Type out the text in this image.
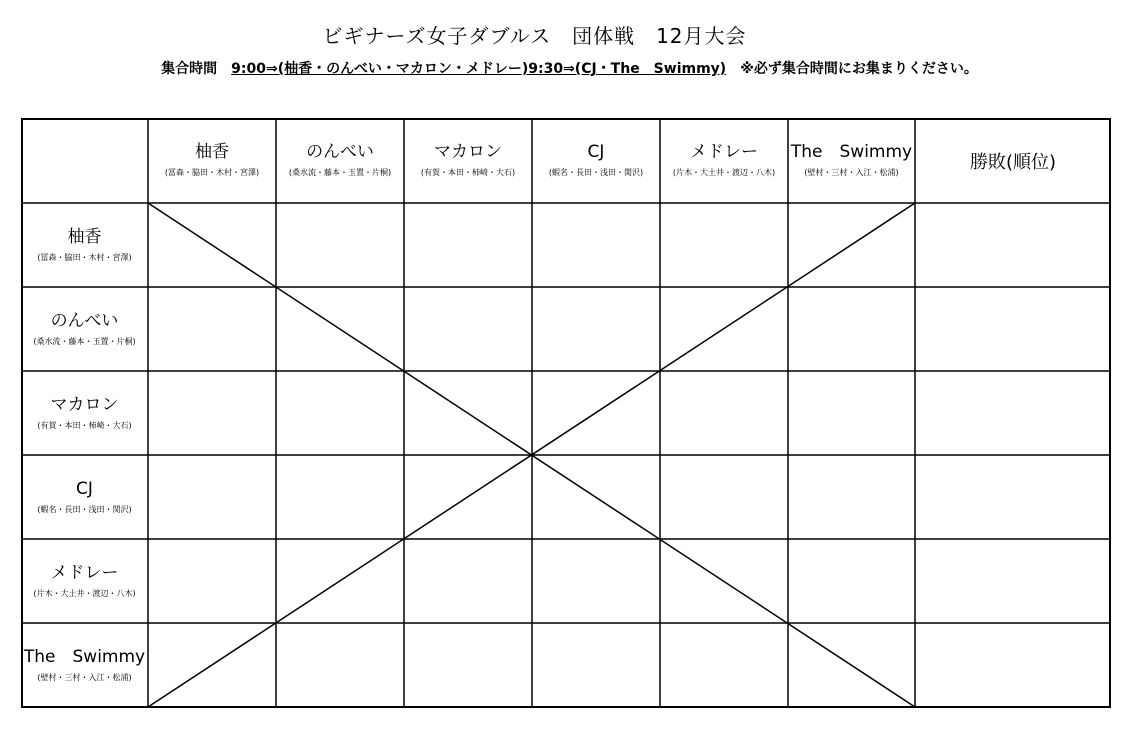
ビギナーズ女子ダブルス　団体戦　12月大会
集合時間 9:00⇒(柚香・のんべい・マカロン・メドレー)9:30⇒(CJ・The　Swimmy) ※必ず集合時間にお集まりください。
柚香
(冨森・脇田・木村・宮澤)
のんべい
(桑水流・藤本・玉置・片桐)
マカロン
(有賀・本田・柿崎・大石)
CJ
(蝦名・長田・浅田・関沢)
メドレー
(片木・大土井・渡辺・八木)
The　Swimmy
(壁村・三村・入江・松浦)	勝敗(順位)
柚香
(冨森・脇田・木村・宮澤)
のんべい
(桑水流・藤本・玉置・片桐)
マカロン
(有賀・本田・柿崎・大石)
CJ
(蝦名・長田・浅田・関沢)
メドレー
(片木・大土井・渡辺・八木)
The　Swimmy
(壁村・三村・入江・松浦)
